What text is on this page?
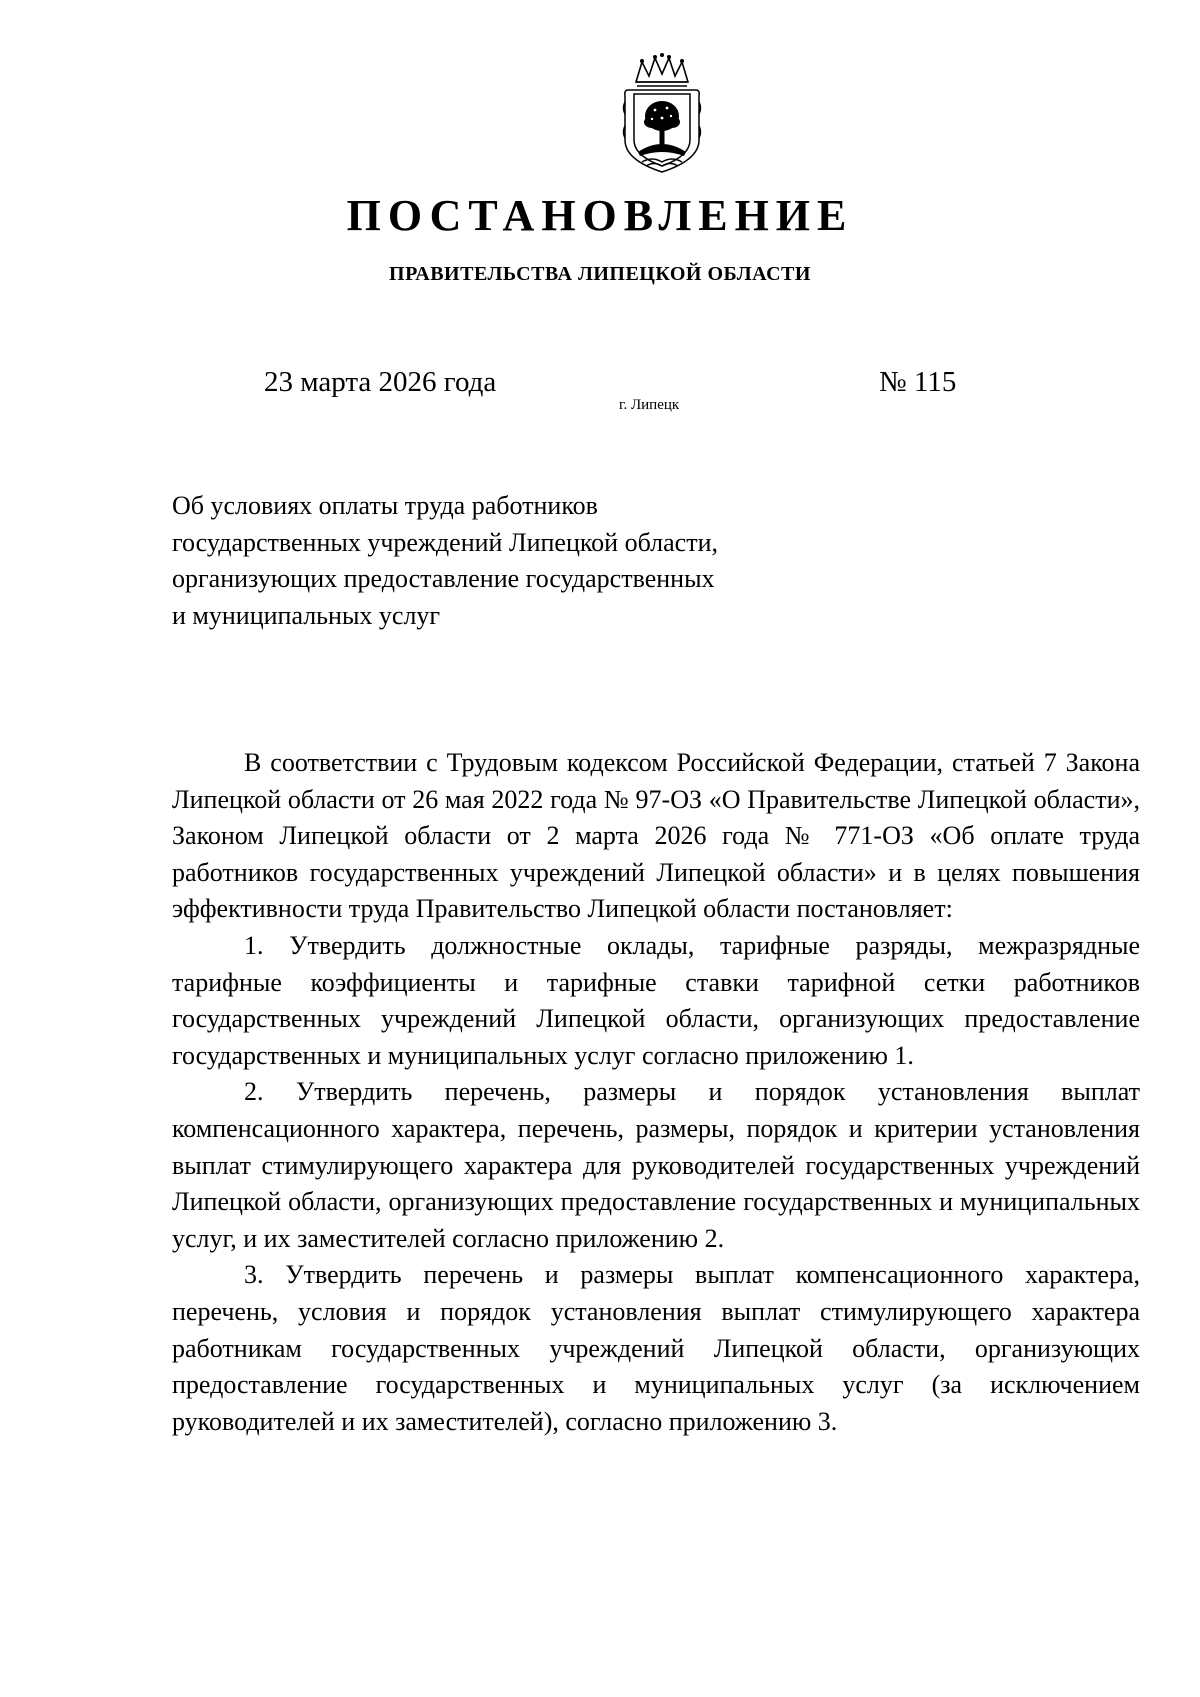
ПОСТАНОВЛЕНИЕ
ПРАВИТЕЛЬСТВА ЛИПЕЦКОЙ ОБЛАСТИ
23 марта 2026 года
г. Липецк
№ 115
Об условиях оплаты труда работников
государственных учреждений Липецкой области,
организующих предоставление государственных
и муниципальных услуг

В соответствии с Трудовым кодексом Российской Федерации, статьей 7 Закона Липецкой области от 26 мая 2022 года № 97-ОЗ «О Правительстве Липецкой области», Законом Липецкой области от 2 марта 2026 года № 771-ОЗ «Об оплате труда работников государственных учреждений Липецкой области» и в целях повышения эффективности труда Правительство Липецкой области постановляет:

1. Утвердить должностные оклады, тарифные разряды, межразрядные тарифные коэффициенты и тарифные ставки тарифной сетки работников государственных учреждений Липецкой области, организующих предоставление государственных и муниципальных услуг согласно приложению 1.

2. Утвердить перечень, размеры и порядок установления выплат компенсационного характера, перечень, размеры, порядок и критерии установления выплат стимулирующего характера для руководителей государственных учреждений Липецкой области, организующих предоставление государственных и муниципальных услуг, и их заместителей согласно приложению 2.

3. Утвердить перечень и размеры выплат компенсационного характера, перечень, условия и порядок установления выплат стимулирующего характера работникам государственных учреждений Липецкой области, организующих предоставление государственных и муниципальных услуг (за исключением руководителей и их заместителей), согласно приложению 3.
